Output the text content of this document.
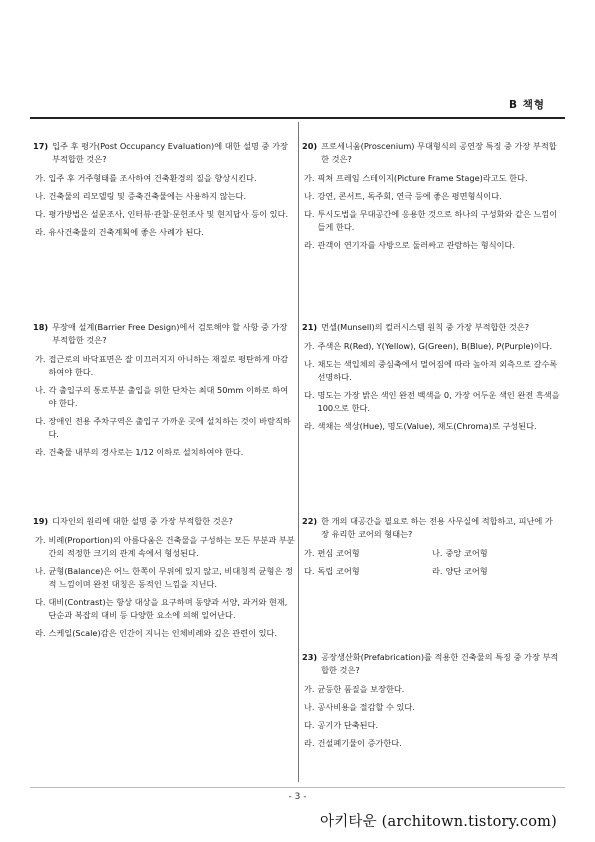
B 책형
17) 입주 후 평가(Post Occupancy Evaluation)에 대한 설명 중 가장 부적합한 것은?
가. 입주 후 거주형태를 조사하여 건축환경의 질을 향상시킨다.
나. 건축물의 리모델링 및 증축건축물에는 사용하지 않는다.
다. 평가방법은 설문조사, 인터뷰·관찰·문헌조사 및 현지답사 등이 있다.
라. 유사건축물의 건축계획에 좋은 사례가 된다.
18) 무장애 설계(Barrier Free Design)에서 검토해야 할 사항 중 가장 부적합한 것은?
가. 접근로의 바닥표면은 잘 미끄러지지 아니하는 재질로 평탄하게 마감하여야 한다.
나. 각 출입구의 통로부분 출입을 위한 단차는 최대 50mm 이하로 하여야 한다.
다. 장애인 전용 주차구역은 출입구 가까운 곳에 설치하는 것이 바람직하다.
라. 건축물 내부의 경사로는 1/12 이하로 설치하여야 한다.
19) 디자인의 원리에 대한 설명 중 가장 부적합한 것은?
가. 비례(Proportion)의 아름다움은 건축물을 구성하는 모든 부분과 부분간의 적정한 크기의 관계 속에서 형성된다.
나. 균형(Balance)은 어느 한쪽이 무위에 있지 않고, 비대칭적 균형은 정적 느낌이며 완전 대칭은 동적인 느낌을 지닌다.
다. 대비(Contrast)는 항상 대상을 요구하며 동양과 서양, 과거와 현재, 단순과 복잡의 대비 등 다양한 요소에 의해 일어난다.
라. 스케일(Scale)감은 인간이 지니는 인체비례와 깊은 관련이 있다.
20) 프로세니움(Proscenium) 무대형식의 공연장 특징 중 가장 부적합한 것은?
가. 픽쳐 프레임 스테이지(Picture Frame Stage)라고도 한다.
나. 강연, 콘서트, 독주회, 연극 등에 좋은 평면형식이다.
다. 투시도법을 무대공간에 응용한 것으로 하나의 구성화와 같은 느낌이 들게 한다.
라. 관객이 연기자를 사방으로 둘러싸고 관람하는 형식이다.
21) 먼셀(Munsell)의 컬러시스템 원칙 중 가장 부적합한 것은?
가. 주색은 R(Red), Y(Yellow), G(Green), B(Blue), P(Purple)이다.
나. 채도는 색입체의 중심축에서 멀어짐에 따라 높아져 외측으로 갈수록 선명하다.
다. 명도는 가장 밝은 색인 완전 백색을 0, 가장 어두운 색인 완전 흑색을 100으로 한다.
라. 색채는 색상(Hue), 명도(Value), 채도(Chroma)로 구성된다.
22) 한 개의 대공간을 필요로 하는 전용 사무실에 적합하고, 피난에 가장 유리한 코어의 형태는?
가. 편심 코어형	나. 중앙 코어형
다. 독립 코어형	라. 양단 코어형
23) 공장생산화(Prefabrication)를 적용한 건축물의 특징 중 가장 부적합한 것은?
가. 균등한 품질을 보장한다.
나. 공사비용을 절감할 수 있다.
다. 공기가 단축된다.
라. 건설폐기물이 증가한다.
- 3 -
아키타운 (architown.tistory.com)
